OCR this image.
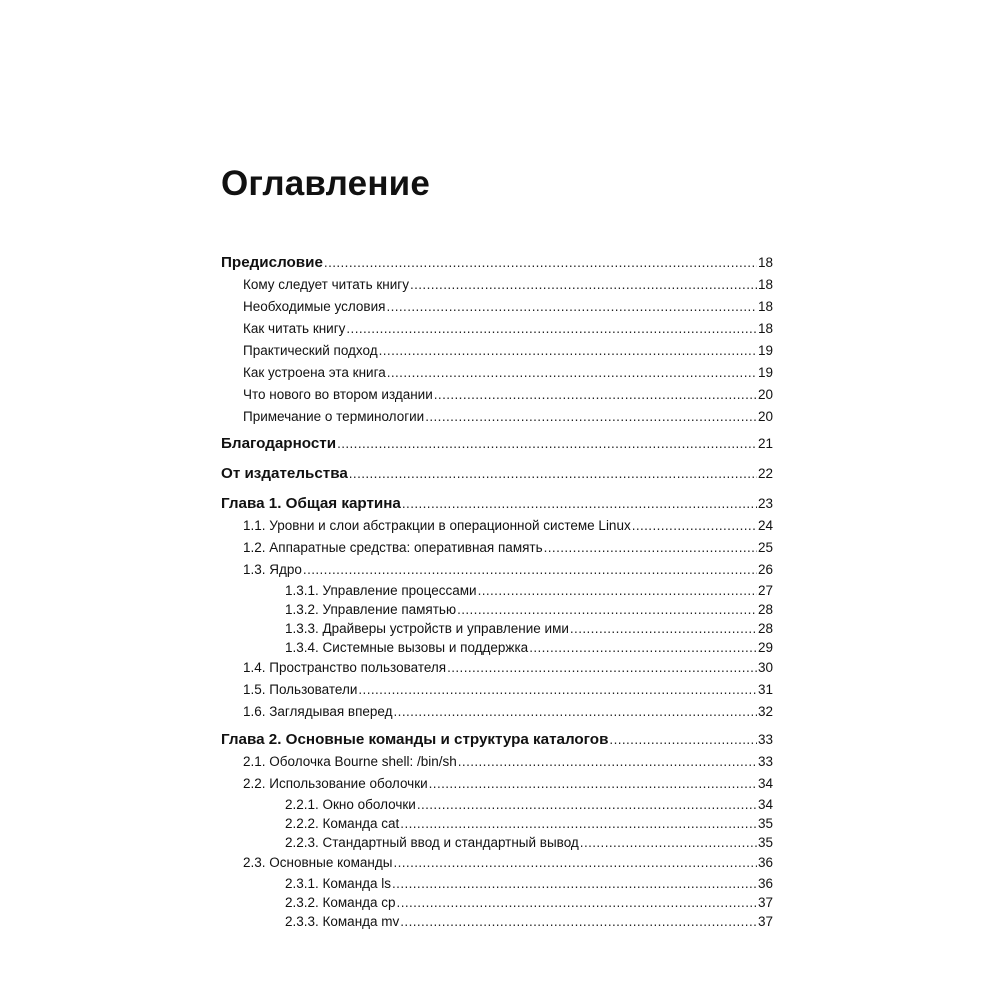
Оглавление
Предисловие .....	18
Кому следует читать книгу .....	18
Необходимые условия .....	18
Как читать книгу .....	18
Практический подход .....	19
Как устроена эта книга .....	19
Что нового во втором издании .....	20
Примечание о терминологии .....	20
Благодарности .....	21
От издательства .....	22
Глава 1. Общая картина .....	23
1.1. Уровни и слои абстракции в операционной системе Linux .....	24
1.2. Аппаратные средства: оперативная память .....	25
1.3. Ядро .....	26
1.3.1. Управление процессами .....	27
1.3.2. Управление памятью .....	28
1.3.3. Драйверы устройств и управление ими .....	28
1.3.4. Системные вызовы и поддержка .....	29
1.4. Пространство пользователя .....	30
1.5. Пользователи .....	31
1.6. Заглядывая вперед .....	32
Глава 2. Основные команды и структура каталогов .....	33
2.1. Оболочка Bourne shell: /bin/sh .....	33
2.2. Использование оболочки .....	34
2.2.1. Окно оболочки .....	34
2.2.2. Команда cat .....	35
2.2.3. Стандартный ввод и стандартный вывод .....	35
2.3. Основные команды .....	36
2.3.1. Команда ls .....	36
2.3.2. Команда cp .....	37
2.3.3. Команда mv .....	37
